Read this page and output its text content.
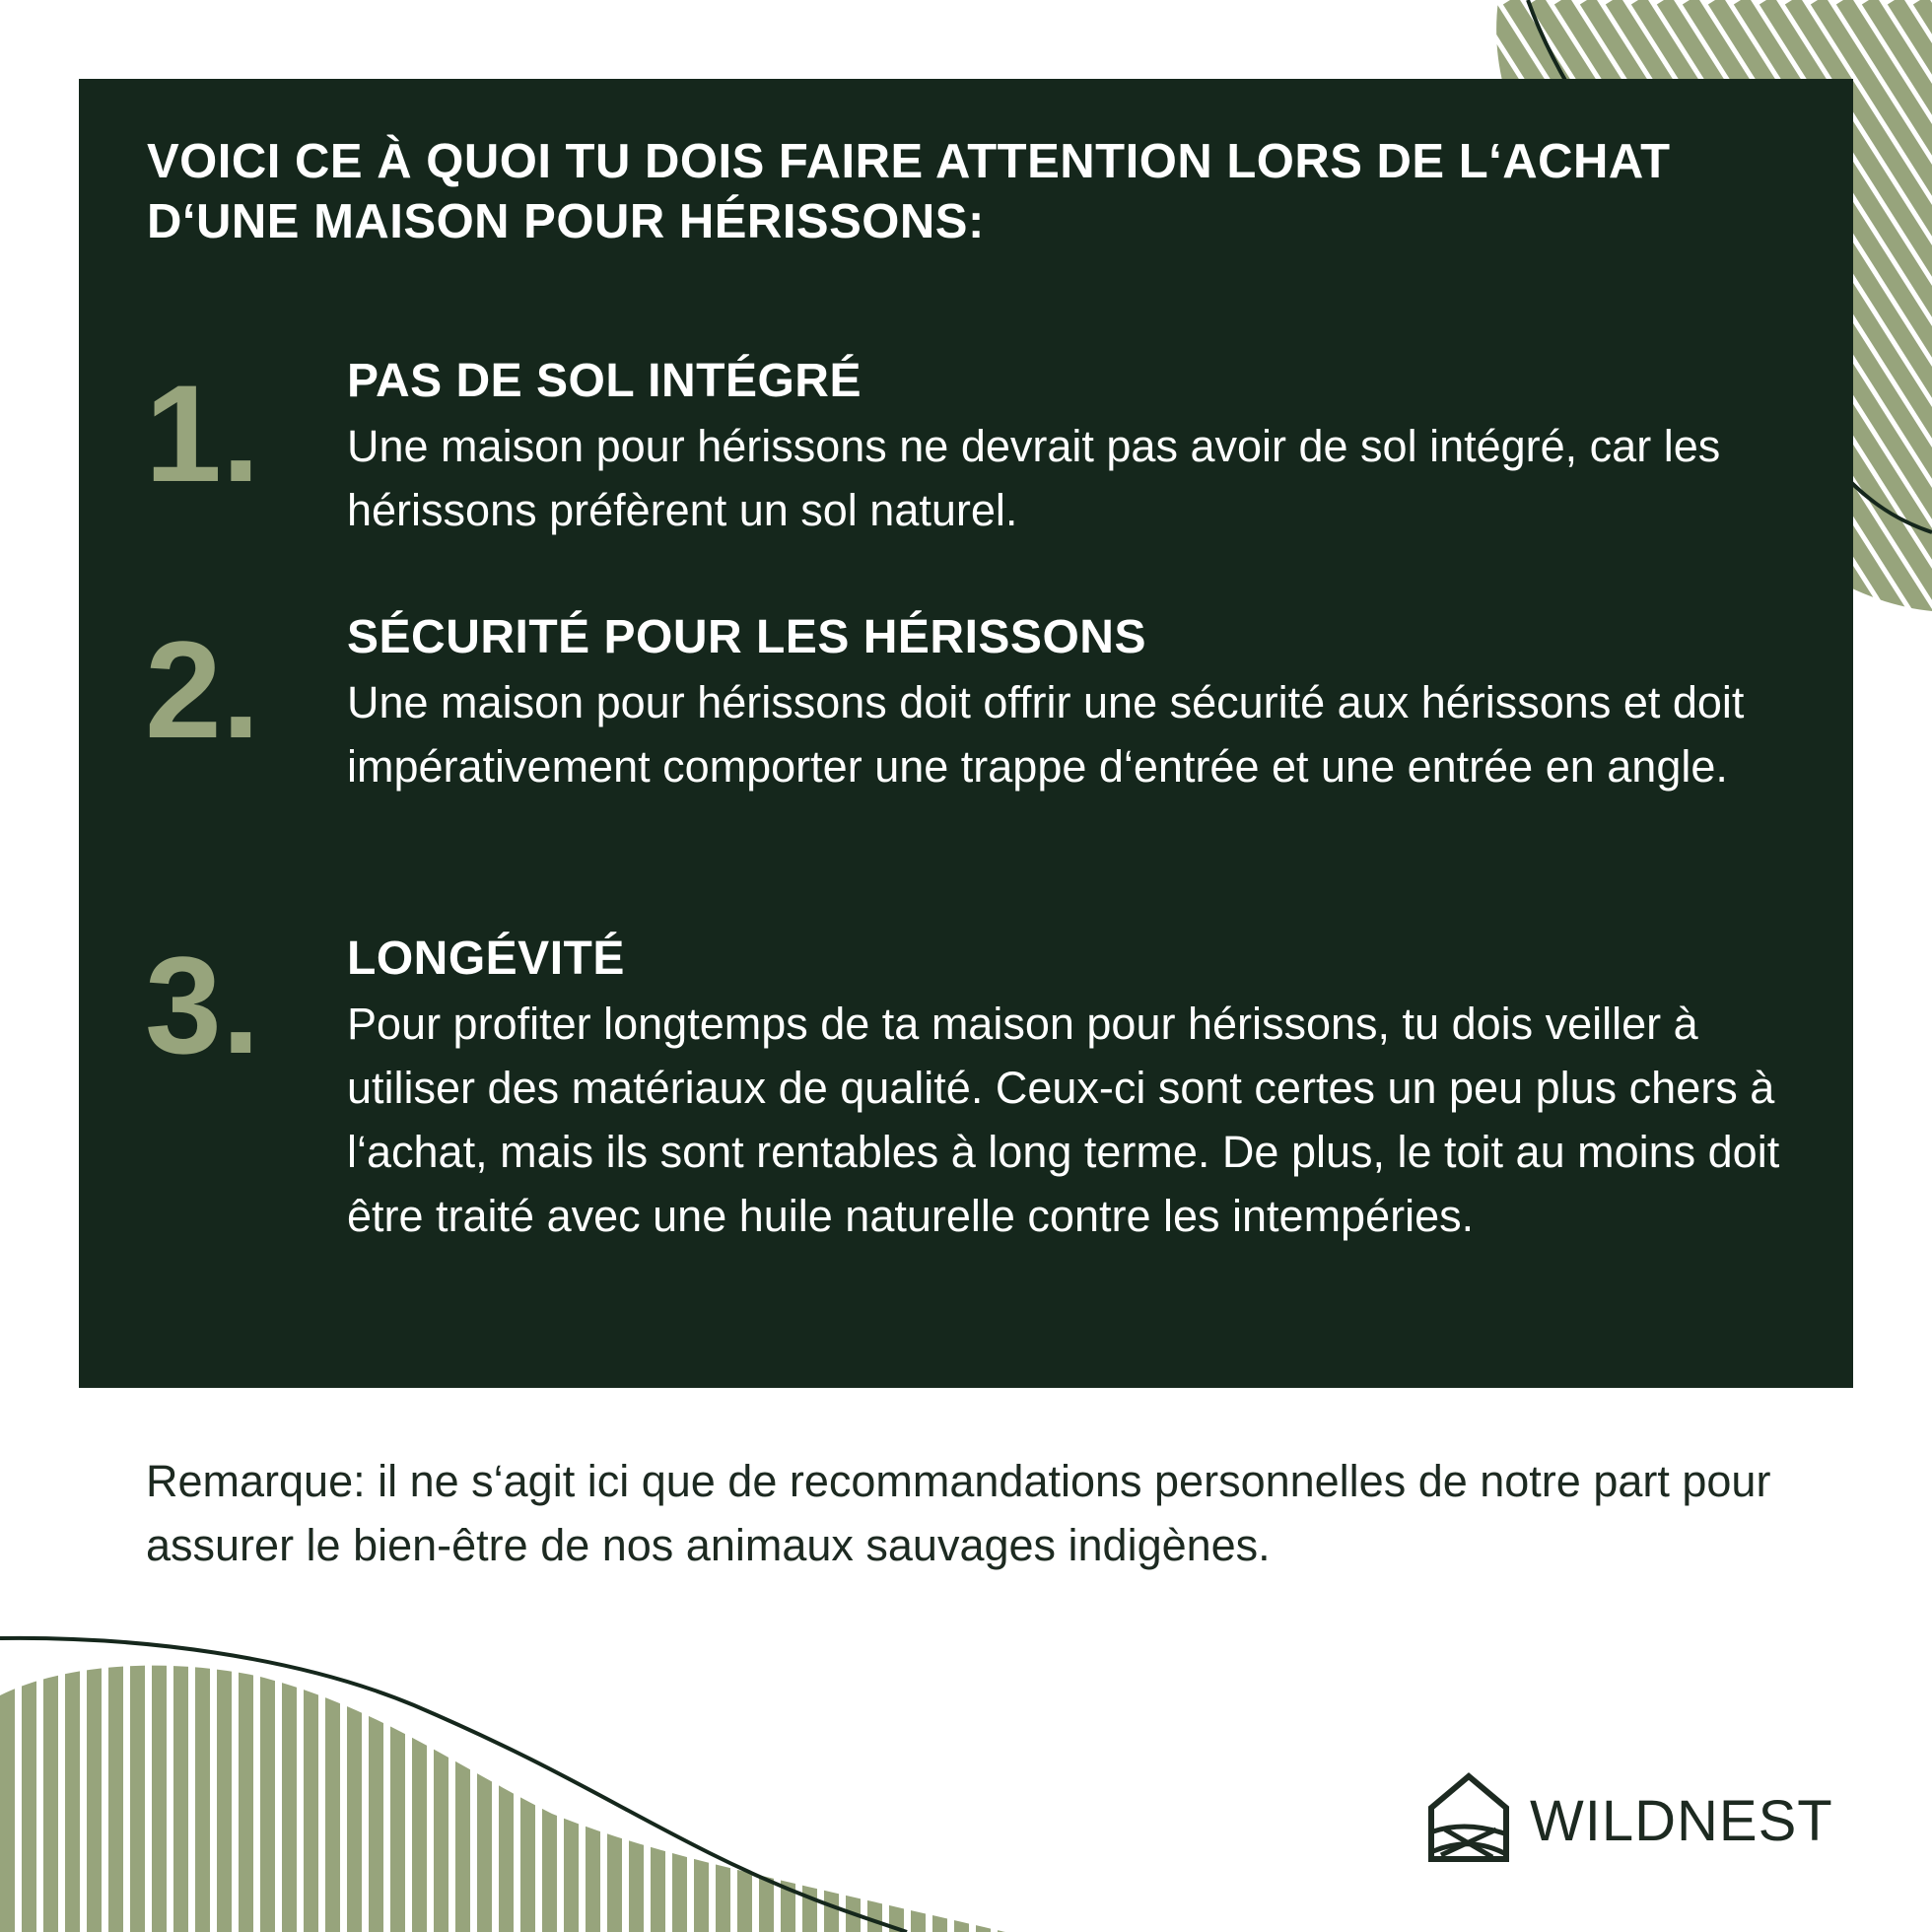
VOICI CE À QUOI TU DOIS FAIRE ATTENTION LORS DE L‘ACHAT D‘UNE MAISON POUR HÉRISSONS:
1. PAS DE SOL INTÉGRÉ

Une maison pour hérissons ne devrait pas avoir de sol intégré, car les hérissons préfèrent un sol naturel.

2. SÉCURITÉ POUR LES HÉRISSONS

Une maison pour hérissons doit offrir une sécurité aux hérissons et doit impérativement comporter une trappe d‘entrée et une entrée en angle.

3. LONGÉVITÉ

Pour profiter longtemps de ta maison pour hérissons, tu dois veiller à utiliser des matériaux de qualité. Ceux-ci sont certes un peu plus chers à l‘achat, mais ils sont rentables à long terme. De plus, le toit au moins doit être traité avec une huile naturelle contre les intempéries.

Remarque: il ne s‘agit ici que de recommandations personnelles de notre part pour assurer le bien-être de nos animaux sauvages indigènes.

WILDNEST
